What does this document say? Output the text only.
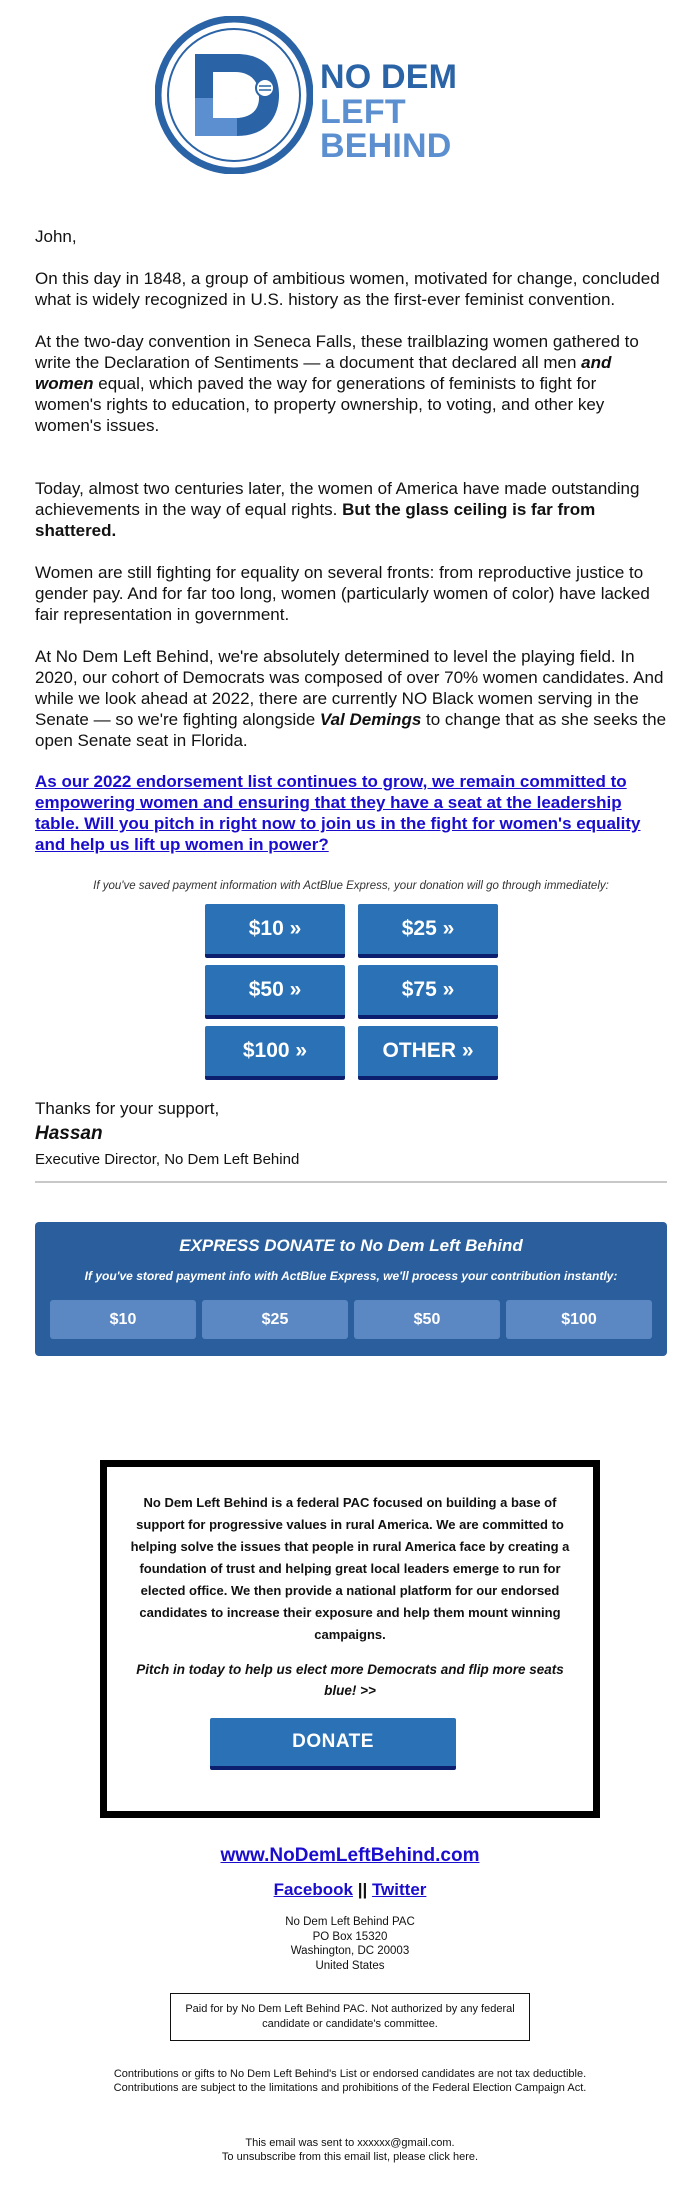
NO DEM
LEFT BEHIND

John,

On this day in 1848, a group of ambitious women, motivated for change, concluded what is widely recognized in U.S. history as the first-ever feminist convention.

At the two-day convention in Seneca Falls, these trailblazing women gathered to write the Declaration of Sentiments — a document that declared all men and women equal, which paved the way for generations of feminists to fight for women's rights to education, to property ownership, to voting, and other key women's issues.

Today, almost two centuries later, the women of America have made outstanding achievements in the way of equal rights. But the glass ceiling is far from shattered.

Women are still fighting for equality on several fronts: from reproductive justice to gender pay. And for far too long, women (particularly women of color) have lacked fair representation in government.

At No Dem Left Behind, we're absolutely determined to level the playing field. In 2020, our cohort of Democrats was composed of over 70% women candidates. And while we look ahead at 2022, there are currently NO Black women serving in the Senate — so we're fighting alongside Val Demings to change that as she seeks the open Senate seat in Florida.

As our 2022 endorsement list continues to grow, we remain committed to empowering women and ensuring that they have a seat at the leadership table. Will you pitch in right now to join us in the fight for women's equality and help us lift up women in power?

If you've saved payment information with ActBlue Express, your donation will go through immediately:
$10 »	$25 »
$50 »	$75 »
$100 »	OTHER »
Thanks for your support,
Hassan
Executive Director, No Dem Left Behind
EXPRESS DONATE to No Dem Left Behind
If you've stored payment info with ActBlue Express, we'll process your contribution instantly:
$10	$25	$50	$100
No Dem Left Behind is a federal PAC focused on building a base of support for progressive values in rural America. We are committed to helping solve the issues that people in rural America face by creating a foundation of trust and helping great local leaders emerge to run for elected office. We then provide a national platform for our endorsed candidates to increase their exposure and help them mount winning campaigns.
Pitch in today to help us elect more Democrats and flip more seats blue! >>
DONATE
www.NoDemLeftBehind.com
Facebook || Twitter
No Dem Left Behind PAC
PO Box 15320
Washington, DC 20003
United States
Paid for by No Dem Left Behind PAC. Not authorized by any federal candidate or candidate's committee.
Contributions or gifts to No Dem Left Behind's List or endorsed candidates are not tax deductible.
Contributions are subject to the limitations and prohibitions of the Federal Election Campaign Act.
This email was sent to xxxxxx@gmail.com.
To unsubscribe from this email list, please click here.
